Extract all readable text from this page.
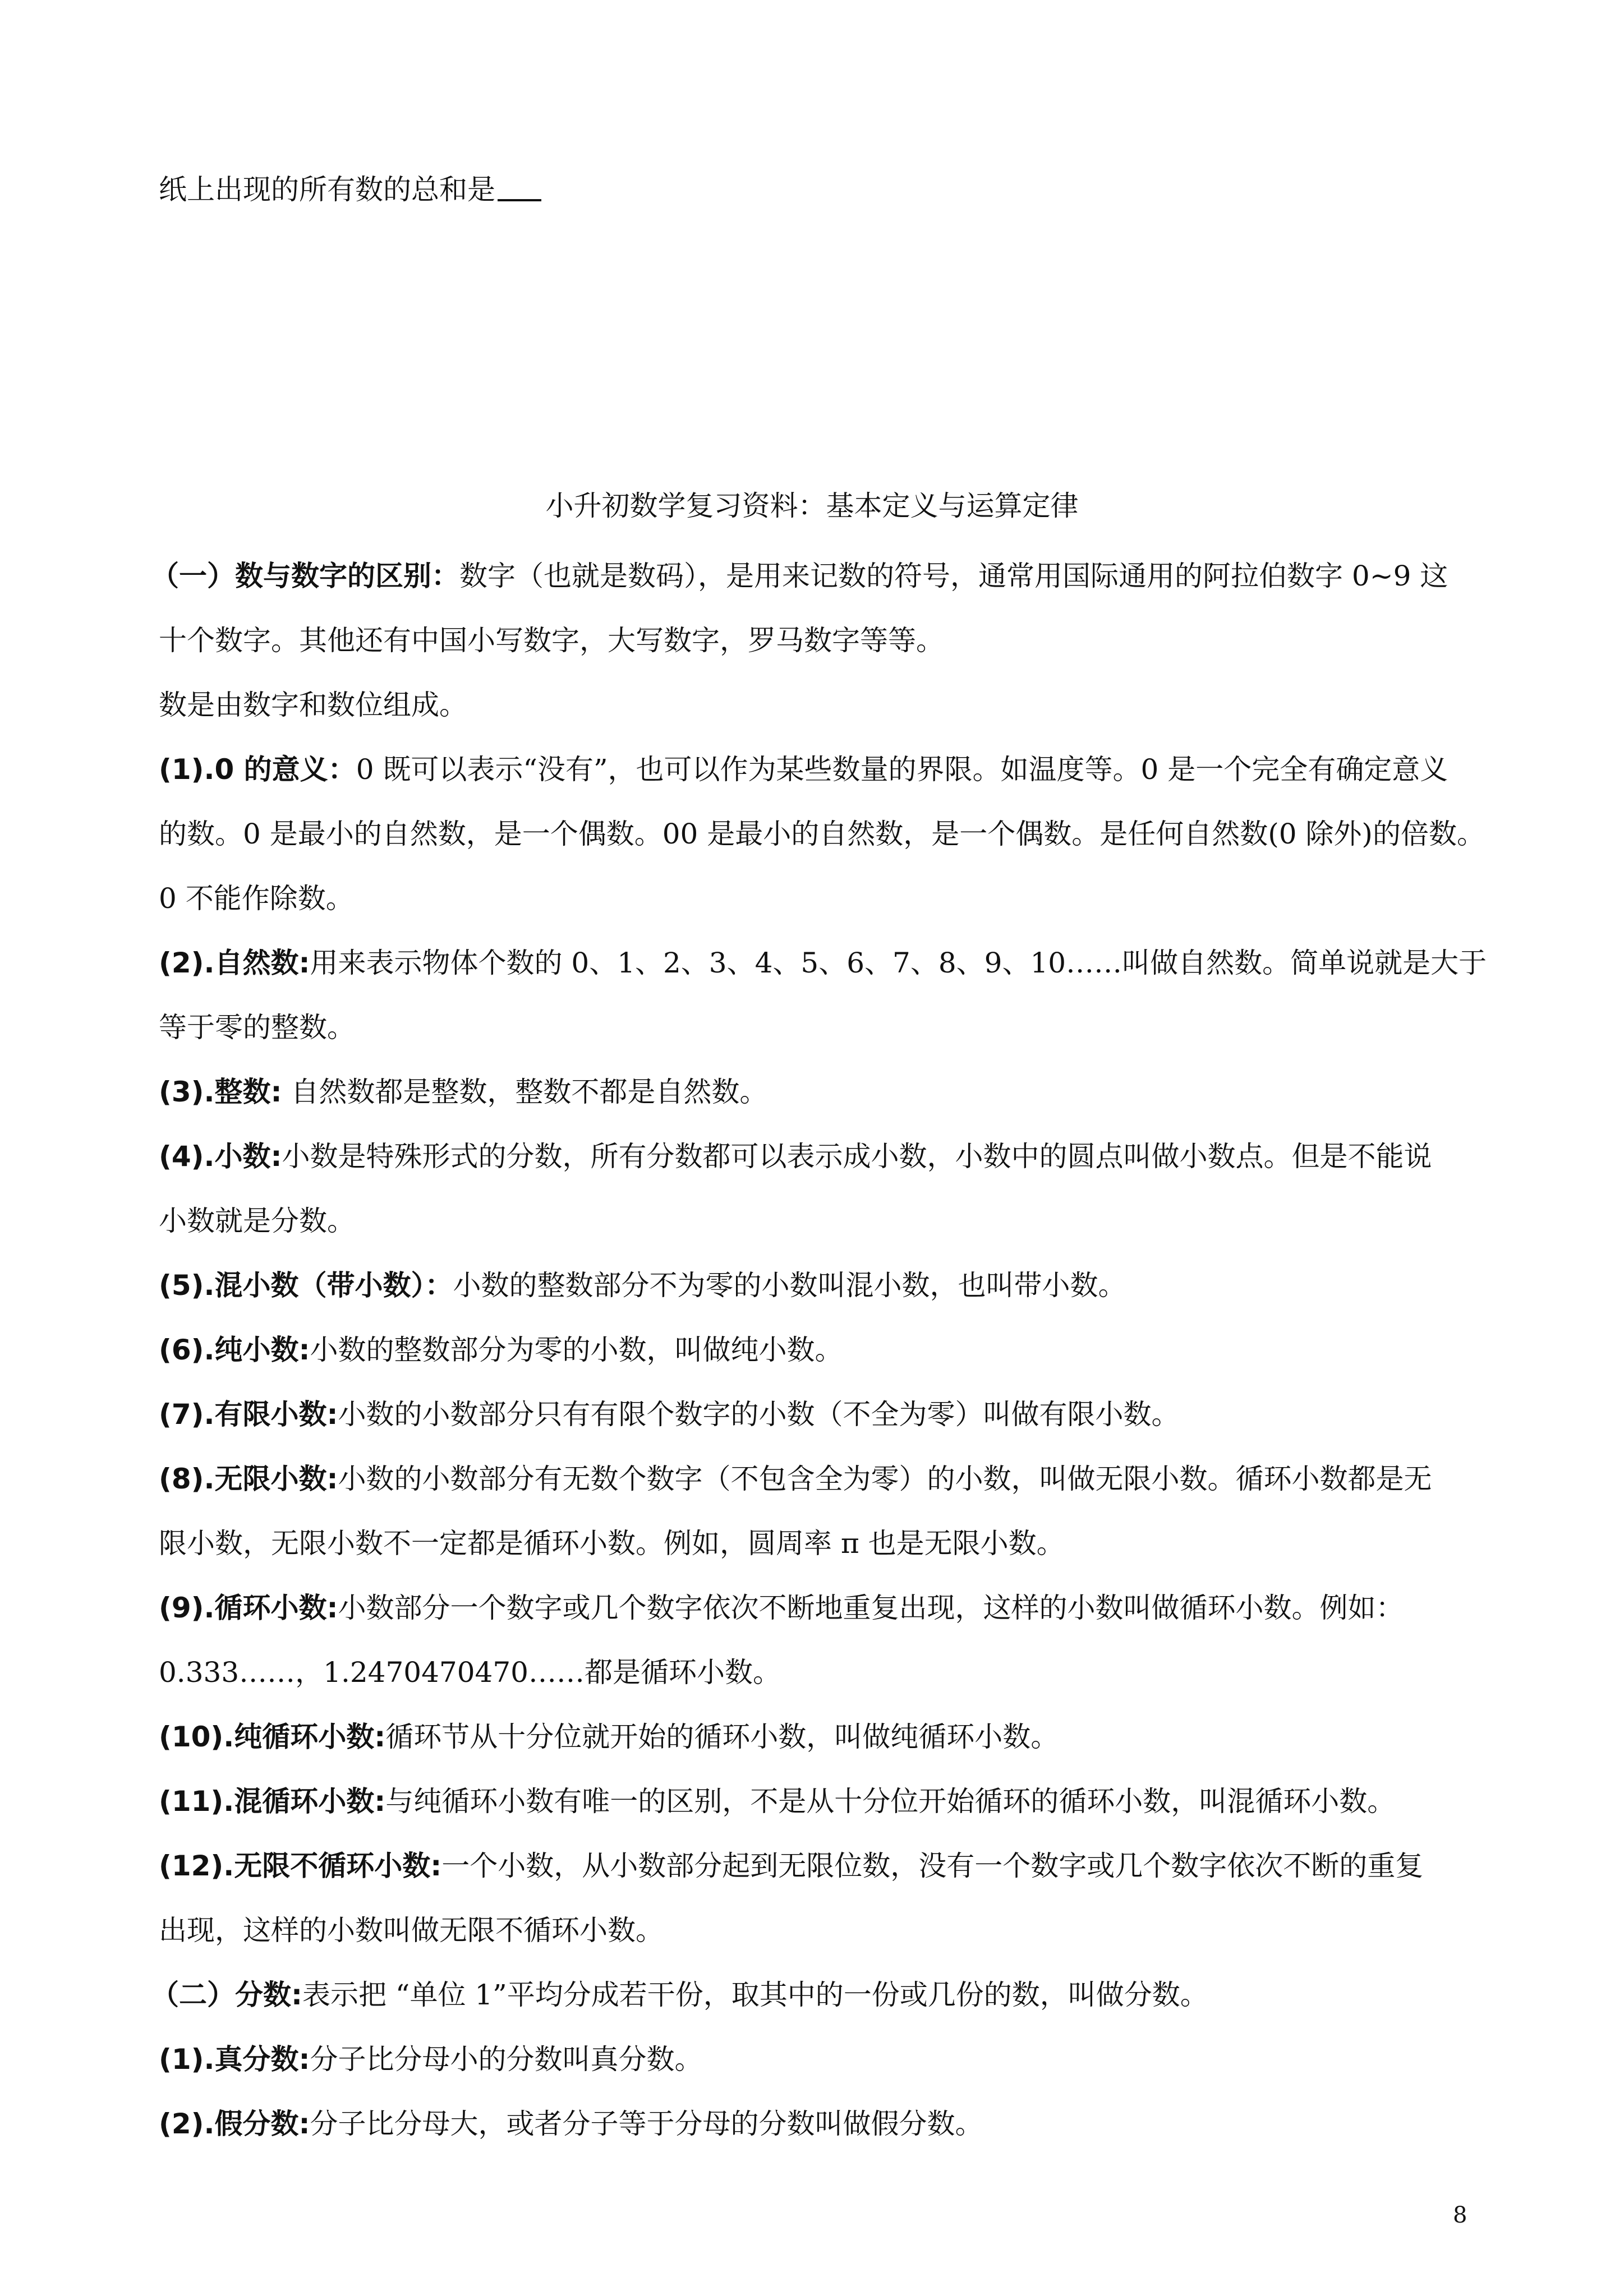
纸上出现的所有数的总和是
小升初数学复习资料：基本定义与运算定律
（一）数与数字的区别：数字（也就是数码），是用来记数的符号，通常用国际通用的阿拉伯数字 0~9 这
十个数字。其他还有中国小写数字，大写数字，罗马数字等等。
数是由数字和数位组成。
(1).0 的意义：0 既可以表示“没有”，也可以作为某些数量的界限。如温度等。0 是一个完全有确定意义
的数。0 是最小的自然数，是一个偶数。00 是最小的自然数，是一个偶数。是任何自然数(0 除外)的倍数。
0 不能作除数。
(2).自然数:用来表示物体个数的 0、1、2、3、4、5、6、7、8、9、10……叫做自然数。简单说就是大于
等于零的整数。
(3).整数: 自然数都是整数，整数不都是自然数。
(4).小数:小数是特殊形式的分数，所有分数都可以表示成小数，小数中的圆点叫做小数点。但是不能说
小数就是分数。
(5).混小数（带小数）：小数的整数部分不为零的小数叫混小数，也叫带小数。
(6).纯小数:小数的整数部分为零的小数，叫做纯小数。
(7).有限小数:小数的小数部分只有有限个数字的小数（不全为零）叫做有限小数。
(8).无限小数:小数的小数部分有无数个数字（不包含全为零）的小数，叫做无限小数。循环小数都是无
限小数，无限小数不一定都是循环小数。例如，圆周率 π 也是无限小数。
(9).循环小数:小数部分一个数字或几个数字依次不断地重复出现，这样的小数叫做循环小数。例如：
0.333……，1.2470470470……都是循环小数。
(10).纯循环小数:循环节从十分位就开始的循环小数，叫做纯循环小数。
(11).混循环小数:与纯循环小数有唯一的区别，不是从十分位开始循环的循环小数，叫混循环小数。
(12).无限不循环小数:一个小数，从小数部分起到无限位数，没有一个数字或几个数字依次不断的重复
出现，这样的小数叫做无限不循环小数。
（二）分数:表示把 “单位 1”平均分成若干份，取其中的一份或几份的数，叫做分数。
(1).真分数:分子比分母小的分数叫真分数。
(2).假分数:分子比分母大，或者分子等于分母的分数叫做假分数。
8
